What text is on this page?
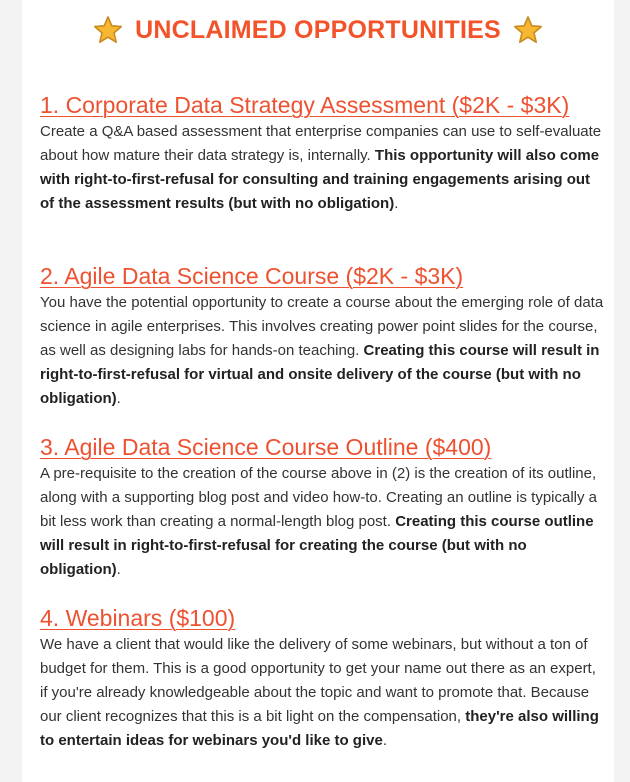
UNCLAIMED OPPORTUNITIES
1. Corporate Data Strategy Assessment ($2K - $3K)

Create a Q&A based assessment that enterprise companies can use to self-evaluate about how mature their data strategy is, internally. This opportunity will also come with right-to-first-refusal for consulting and training engagements arising out of the assessment results (but with no obligation).

2. Agile Data Science Course ($2K - $3K)

You have the potential opportunity to create a course about the emerging role of data science in agile enterprises. This involves creating power point slides for the course, as well as designing labs for hands-on teaching. Creating this course will result in right-to-first-refusal for virtual and onsite delivery of the course (but with no obligation).

3. Agile Data Science Course Outline ($400)

A pre-requisite to the creation of the course above in (2) is the creation of its outline, along with a supporting blog post and video how-to. Creating an outline is typically a bit less work than creating a normal-length blog post. Creating this course outline will result in right-to-first-refusal for creating the course (but with no obligation).

4. Webinars ($100)

We have a client that would like the delivery of some webinars, but without a ton of budget for them. This is a good opportunity to get your name out there as an expert, if you're already knowledgeable about the topic and want to promote that. Because our client recognizes that this is a bit light on the compensation, they're also willing to entertain ideas for webinars you'd like to give.
